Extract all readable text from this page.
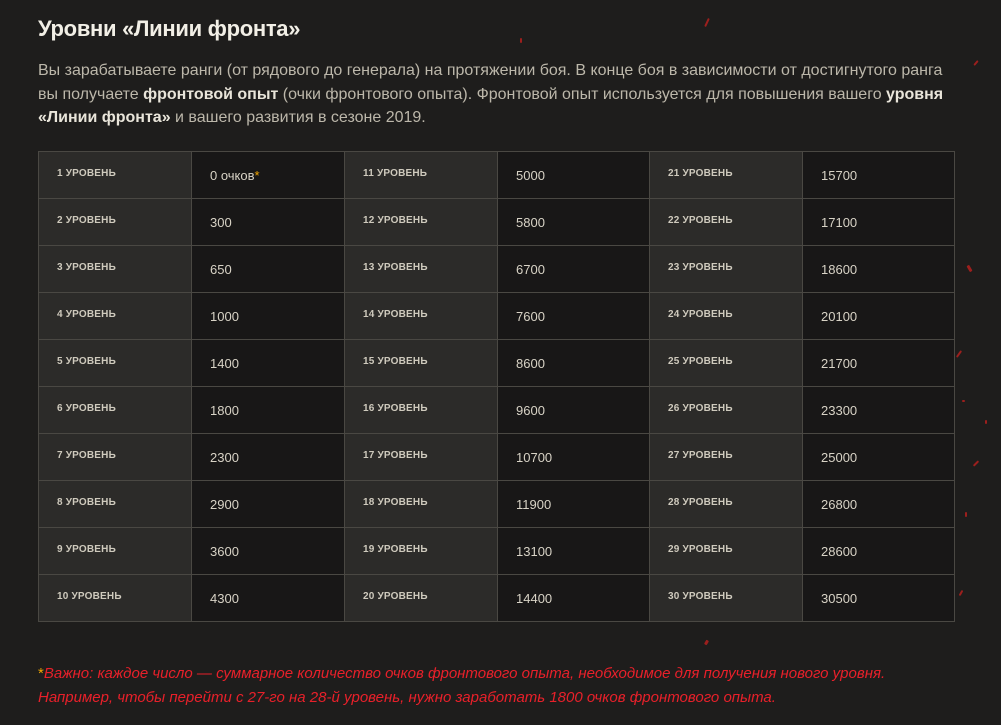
Уровни «Линии фронта»
Вы зарабатываете ранги (от рядового до генерала) на протяжении боя. В конце боя в зависимости от достигнутого ранга вы получаете фронтовой опыт (очки фронтового опыта). Фронтовой опыт используется для повышения вашего уровня «Линии фронта» и вашего развития в сезоне 2019.
1 УРОВЕНЬ	0 очков*	11 УРОВЕНЬ	5000	21 УРОВЕНЬ	15700
2 УРОВЕНЬ	300	12 УРОВЕНЬ	5800	22 УРОВЕНЬ	17100
3 УРОВЕНЬ	650	13 УРОВЕНЬ	6700	23 УРОВЕНЬ	18600
4 УРОВЕНЬ	1000	14 УРОВЕНЬ	7600	24 УРОВЕНЬ	20100
5 УРОВЕНЬ	1400	15 УРОВЕНЬ	8600	25 УРОВЕНЬ	21700
6 УРОВЕНЬ	1800	16 УРОВЕНЬ	9600	26 УРОВЕНЬ	23300
7 УРОВЕНЬ	2300	17 УРОВЕНЬ	10700	27 УРОВЕНЬ	25000
8 УРОВЕНЬ	2900	18 УРОВЕНЬ	11900	28 УРОВЕНЬ	26800
9 УРОВЕНЬ	3600	19 УРОВЕНЬ	13100	29 УРОВЕНЬ	28600
10 УРОВЕНЬ	4300	20 УРОВЕНЬ	14400	30 УРОВЕНЬ	30500
*Важно: каждое число — суммарное количество очков фронтового опыта, необходимое для получения нового уровня. Например, чтобы перейти с 27-го на 28-й уровень, нужно заработать 1800 очков фронтового опыта.
